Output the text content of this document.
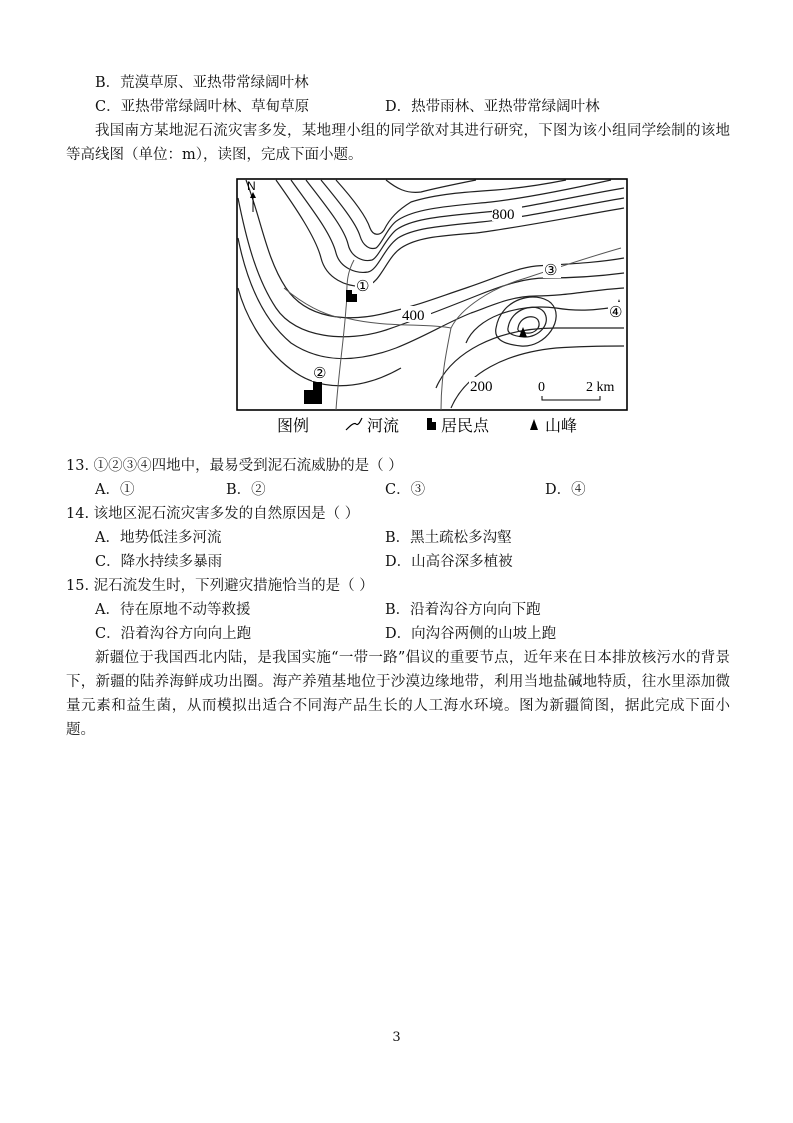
B．荒漠草原、亚热带常绿阔叶林
C．亚热带常绿阔叶林、草甸草原	D．热带雨林、亚热带常绿阔叶林
我国南方某地泥石流灾害多发，某地理小组的同学欲对其进行研究，下图为该小组同学绘制的该地等高线图（单位：m），读图，完成下面小题。
N
800
400
200
①
②
③
④
0	2 km
图例	河流	居民点	山峰
13. ①②③④四地中，最易受到泥石流威胁的是（ ）
A．①	B．②	C．③	D．④
14. 该地区泥石流灾害多发的自然原因是（ ）
A．地势低洼多河流	B．黑土疏松多沟壑
C．降水持续多暴雨	D．山高谷深多植被
15. 泥石流发生时，下列避灾措施恰当的是（ ）
A．待在原地不动等救援	B．沿着沟谷方向向下跑
C．沿着沟谷方向向上跑	D．向沟谷两侧的山坡上跑
新疆位于我国西北内陆，是我国实施“一带一路”倡议的重要节点，近年来在日本排放核污水的背景下，新疆的陆养海鲜成功出圈。海产养殖基地位于沙漠边缘地带，利用当地盐碱地特质，往水里添加微量元素和益生菌，从而模拟出适合不同海产品生长的人工海水环境。图为新疆简图，据此完成下面小题。
3
